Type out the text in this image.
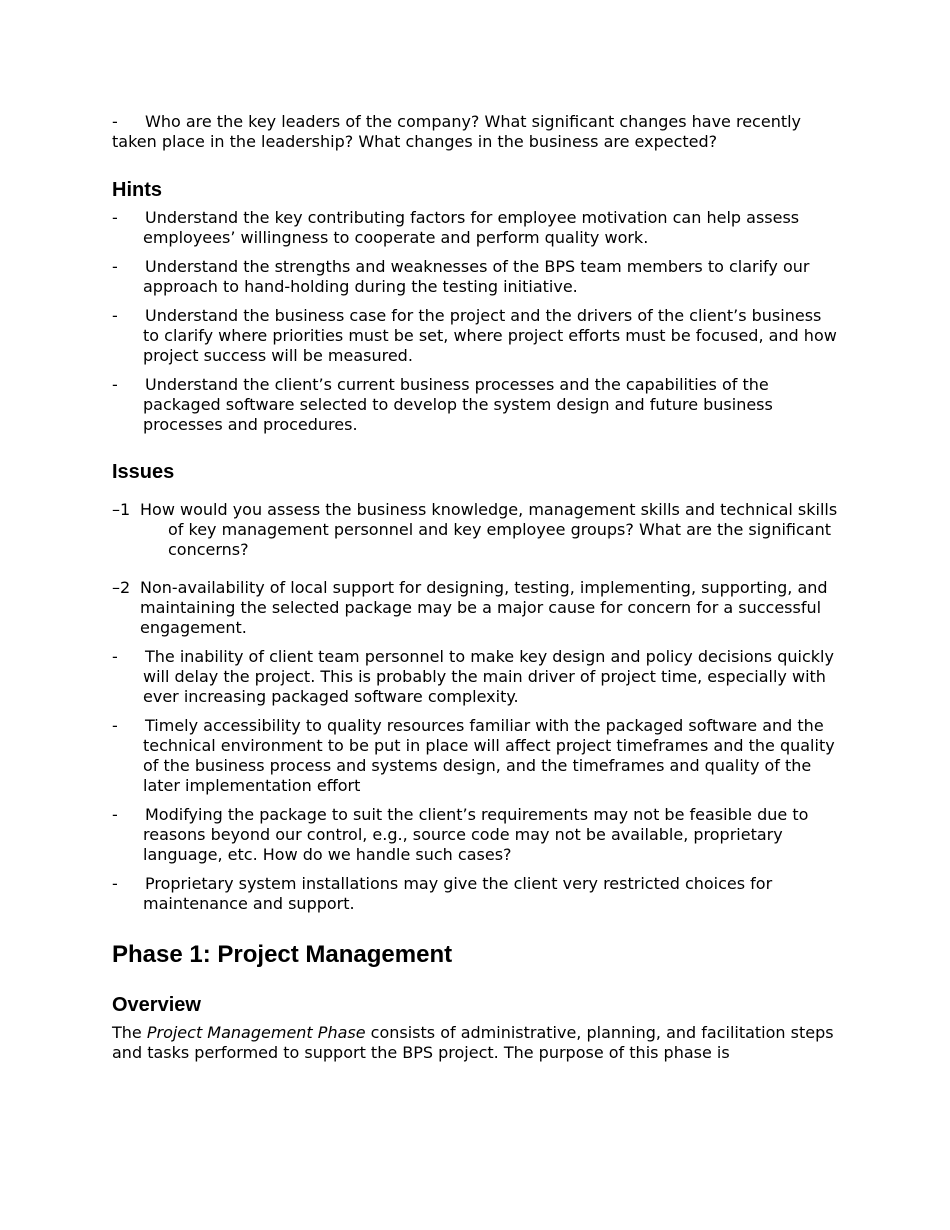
- Who are the key leaders of the company? What significant changes have recently taken place in the leadership? What changes in the business are expected?

Hints

- Understand the key contributing factors for employee motivation can help assess employees’ willingness to cooperate and perform quality work.

- Understand the strengths and weaknesses of the BPS team members to clarify our approach to hand-holding during the testing initiative.

- Understand the business case for the project and the drivers of the client’s business to clarify where priorities must be set, where project efforts must be focused, and how project success will be measured.

- Understand the client’s current business processes and the capabilities of the packaged software selected to develop the system design and future business processes and procedures.

Issues

–1 How would you assess the business knowledge, management skills and technical skills of key management personnel and key employee groups? What are the significant concerns?

–2 Non-availability of local support for designing, testing, implementing, supporting, and maintaining the selected package may be a major cause for concern for a successful engagement.

- The inability of client team personnel to make key design and policy decisions quickly will delay the project. This is probably the main driver of project time, especially with ever increasing packaged software complexity.

- Timely accessibility to quality resources familiar with the packaged software and the technical environment to be put in place will affect project timeframes and the quality of the business process and systems design, and the timeframes and quality of the later implementation effort

- Modifying the package to suit the client’s requirements may not be feasible due to reasons beyond our control, e.g., source code may not be available, proprietary language, etc. How do we handle such cases?

- Proprietary system installations may give the client very restricted choices for maintenance and support.

Phase 1: Project Management
Overview

The Project Management Phase consists of administrative, planning, and facilitation steps and tasks performed to support the BPS project. The purpose of this phase is
